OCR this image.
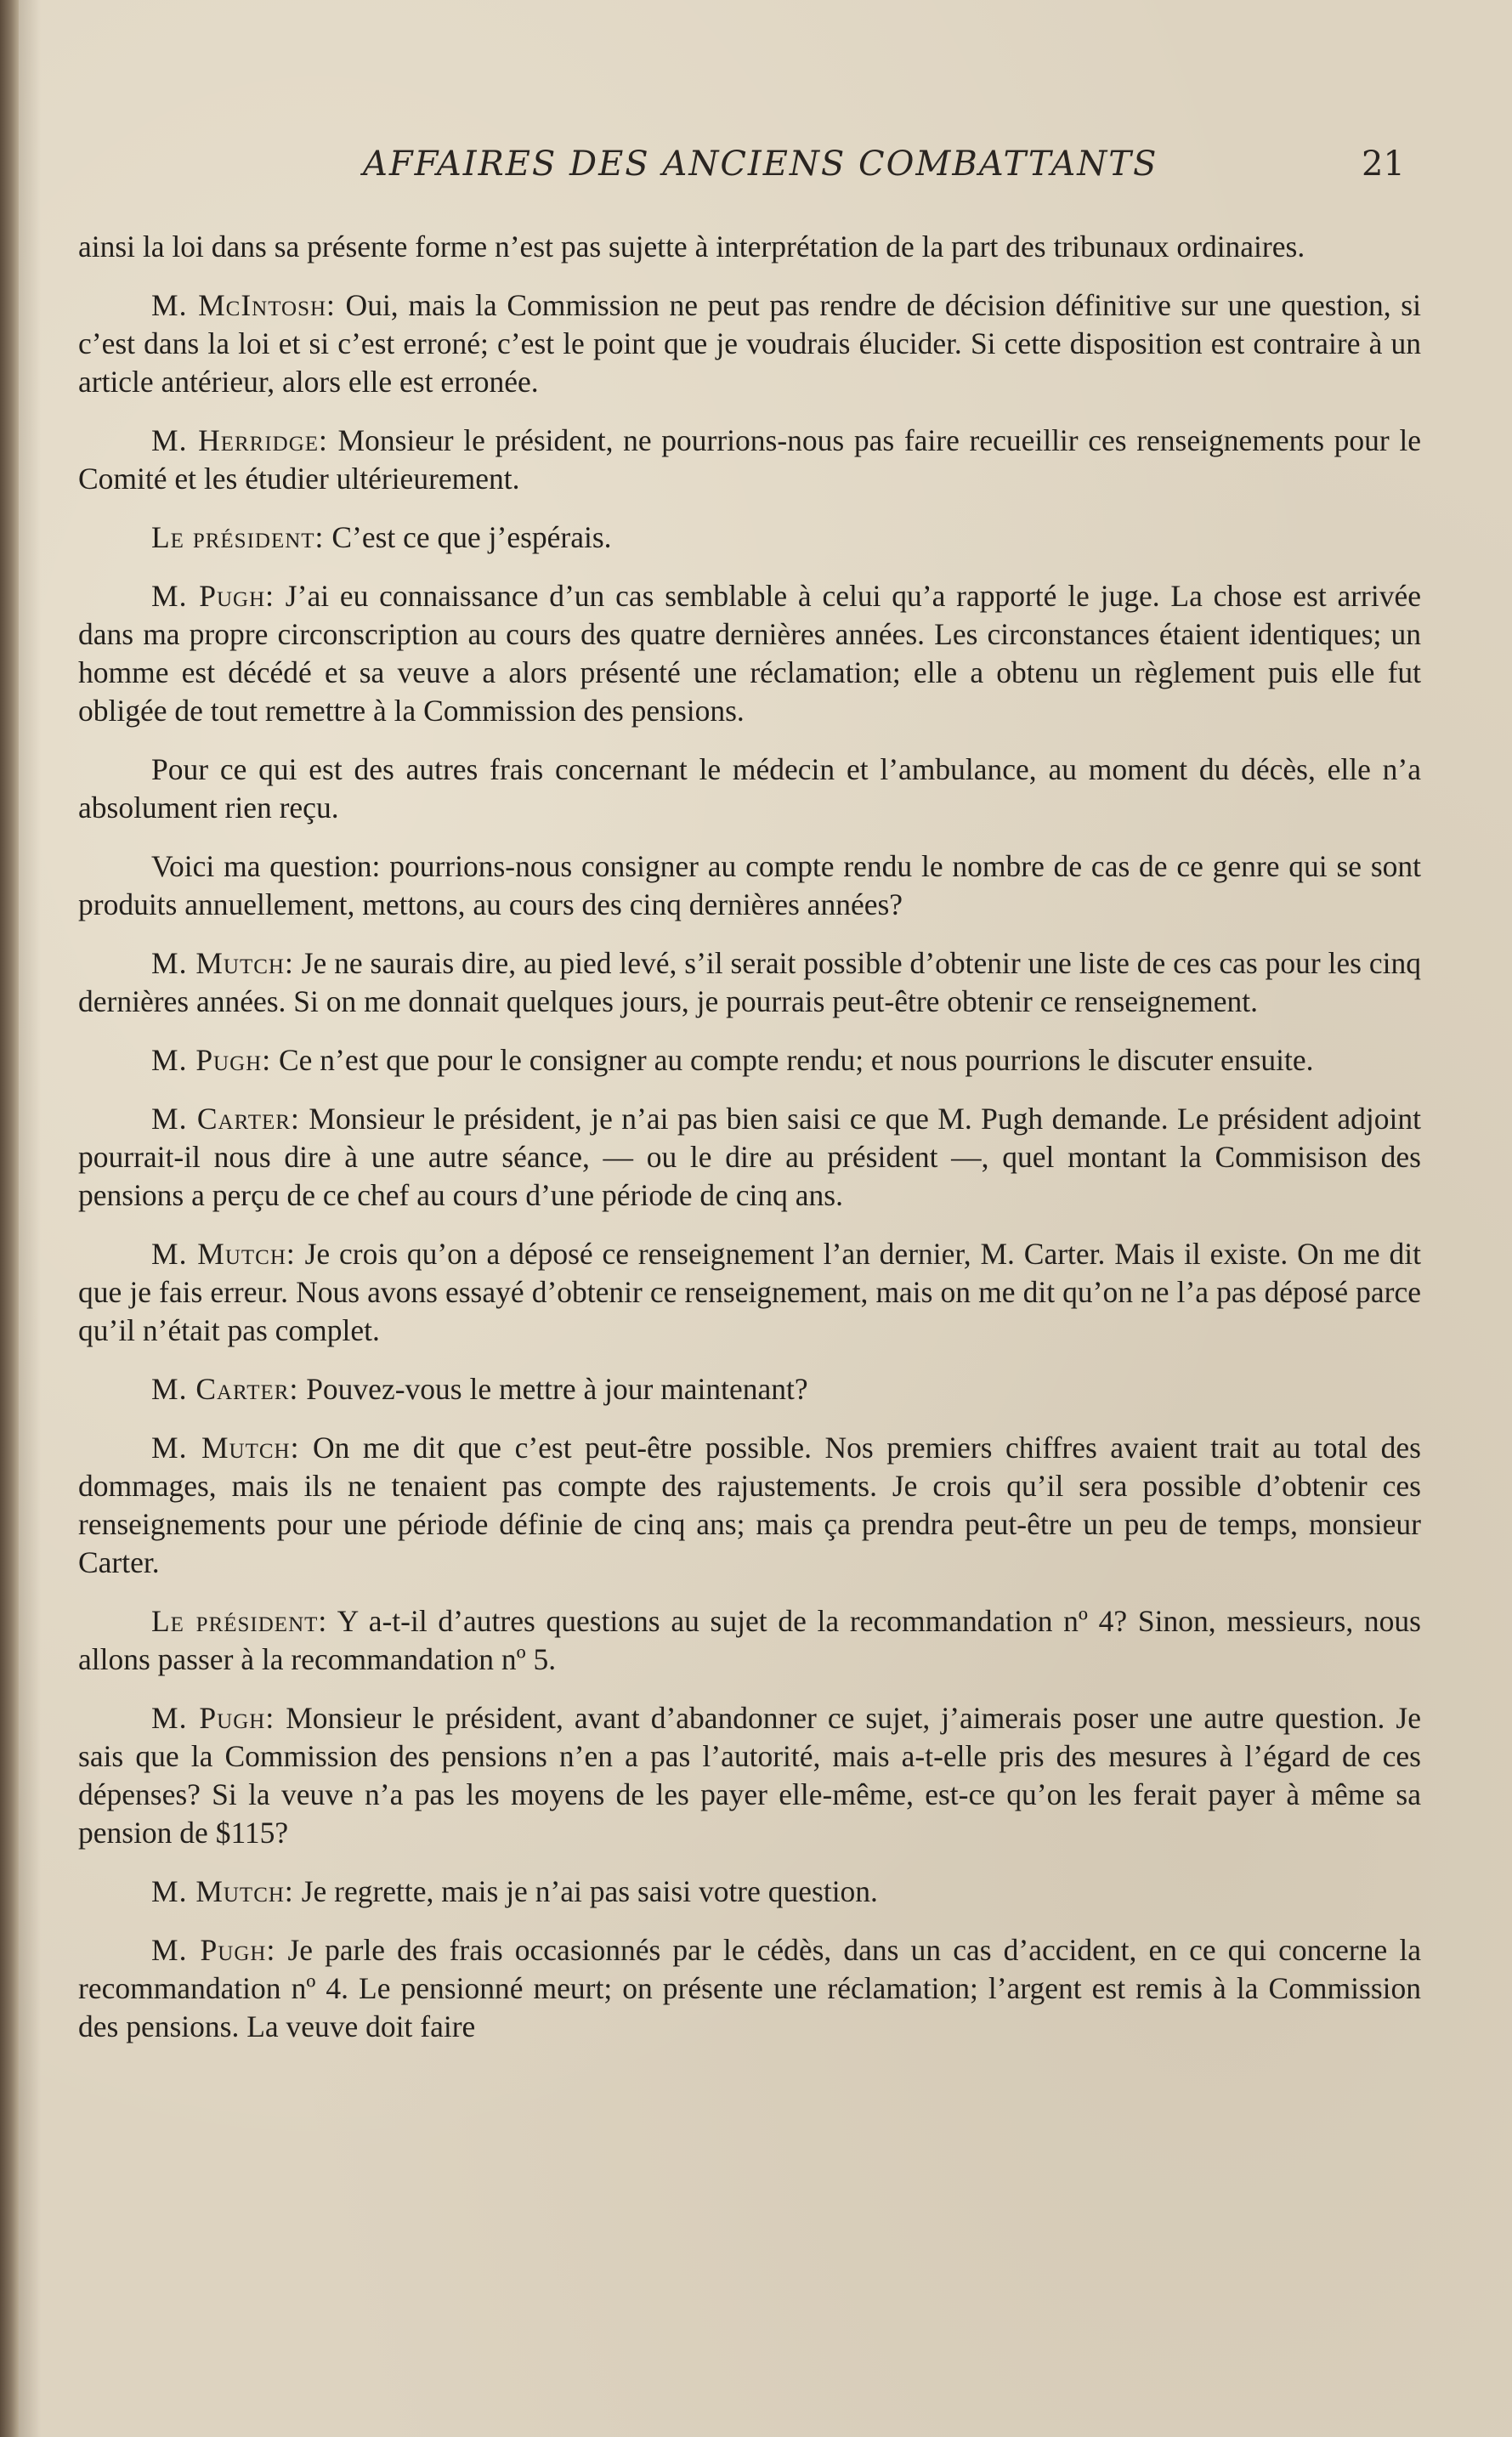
AFFAIRES DES ANCIENS COMBATTANTS	21

ainsi la loi dans sa présente forme n’est pas sujette à interprétation de la part des tribunaux ordinaires.

M. McIntosh: Oui, mais la Commission ne peut pas rendre de décision définitive sur une question, si c’est dans la loi et si c’est erroné; c’est le point que je voudrais élucider. Si cette disposition est contraire à un article antérieur, alors elle est erronée.

M. Herridge: Monsieur le président, ne pourrions-nous pas faire recueillir ces renseignements pour le Comité et les étudier ultérieurement.

Le président: C’est ce que j’espérais.

M. Pugh: J’ai eu connaissance d’un cas semblable à celui qu’a rapporté le juge. La chose est arrivée dans ma propre circonscription au cours des quatre dernières années. Les circonstances étaient identiques; un homme est décédé et sa veuve a alors présenté une réclamation; elle a obtenu un règlement puis elle fut obligée de tout remettre à la Commission des pensions.

Pour ce qui est des autres frais concernant le médecin et l’ambulance, au moment du décès, elle n’a absolument rien reçu.

Voici ma question: pourrions-nous consigner au compte rendu le nombre de cas de ce genre qui se sont produits annuellement, mettons, au cours des cinq dernières années?

M. Mutch: Je ne saurais dire, au pied levé, s’il serait possible d’obtenir une liste de ces cas pour les cinq dernières années. Si on me donnait quelques jours, je pourrais peut-être obtenir ce renseignement.

M. Pugh: Ce n’est que pour le consigner au compte rendu; et nous pourrions le discuter ensuite.

M. Carter: Monsieur le président, je n’ai pas bien saisi ce que M. Pugh demande. Le président adjoint pourrait-il nous dire à une autre séance, — ou le dire au président —, quel montant la Commisison des pensions a perçu de ce chef au cours d’une période de cinq ans.

M. Mutch: Je crois qu’on a déposé ce renseignement l’an dernier, M. Carter. Mais il existe. On me dit que je fais erreur. Nous avons essayé d’obtenir ce renseignement, mais on me dit qu’on ne l’a pas déposé parce qu’il n’était pas complet.

M. Carter: Pouvez-vous le mettre à jour maintenant?

M. Mutch: On me dit que c’est peut-être possible. Nos premiers chiffres avaient trait au total des dommages, mais ils ne tenaient pas compte des rajustements. Je crois qu’il sera possible d’obtenir ces renseignements pour une période définie de cinq ans; mais ça prendra peut-être un peu de temps, monsieur Carter.

Le président: Y a-t-il d’autres questions au sujet de la recommandation nº 4? Sinon, messieurs, nous allons passer à la recommandation nº 5.

M. Pugh: Monsieur le président, avant d’abandonner ce sujet, j’aimerais poser une autre question. Je sais que la Commission des pensions n’en a pas l’autorité, mais a-t-elle pris des mesures à l’égard de ces dépenses? Si la veuve n’a pas les moyens de les payer elle-même, est-ce qu’on les ferait payer à même sa pension de $115?

M. Mutch: Je regrette, mais je n’ai pas saisi votre question.

M. Pugh: Je parle des frais occasionnés par le cédès, dans un cas d’accident, en ce qui concerne la recommandation nº 4. Le pensionné meurt; on présente une réclamation; l’argent est remis à la Commission des pensions. La veuve doit faire
